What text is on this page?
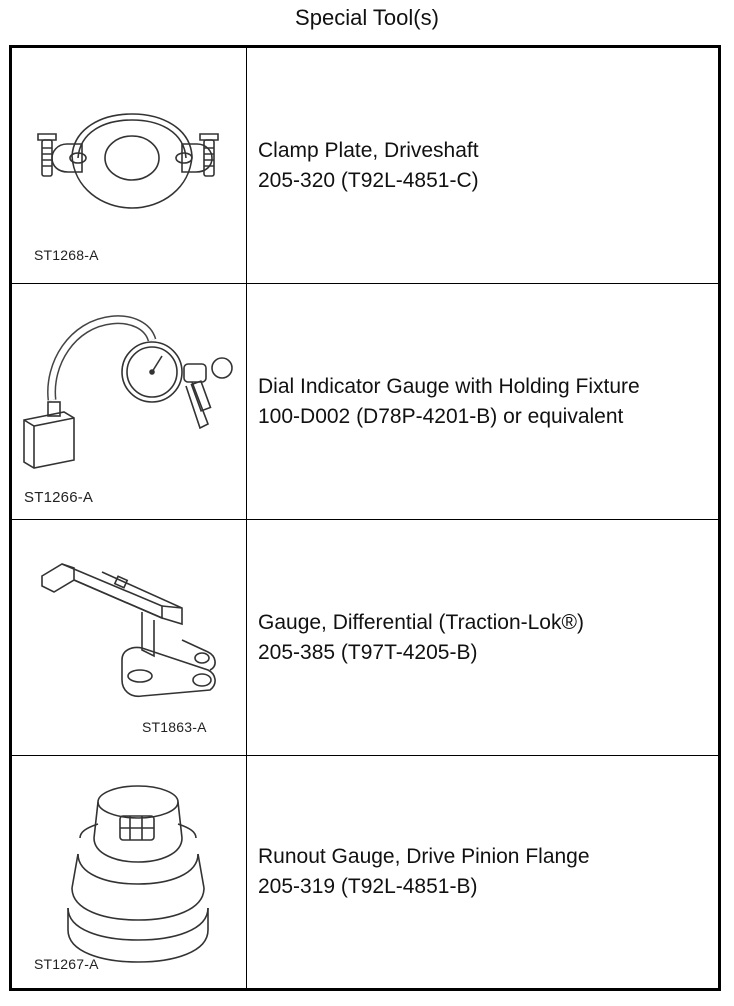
Special Tool(s)
ST1268-A
Clamp Plate, Driveshaft
205-320 (T92L-4851-C)
ST1266-A
Dial Indicator Gauge with Holding Fixture
100-D002 (D78P-4201-B) or equivalent
ST1863-A
Gauge, Differential (Traction-Lok®)
205-385 (T97T-4205-B)
ST1267-A
Runout Gauge, Drive Pinion Flange
205-319 (T92L-4851-B)
